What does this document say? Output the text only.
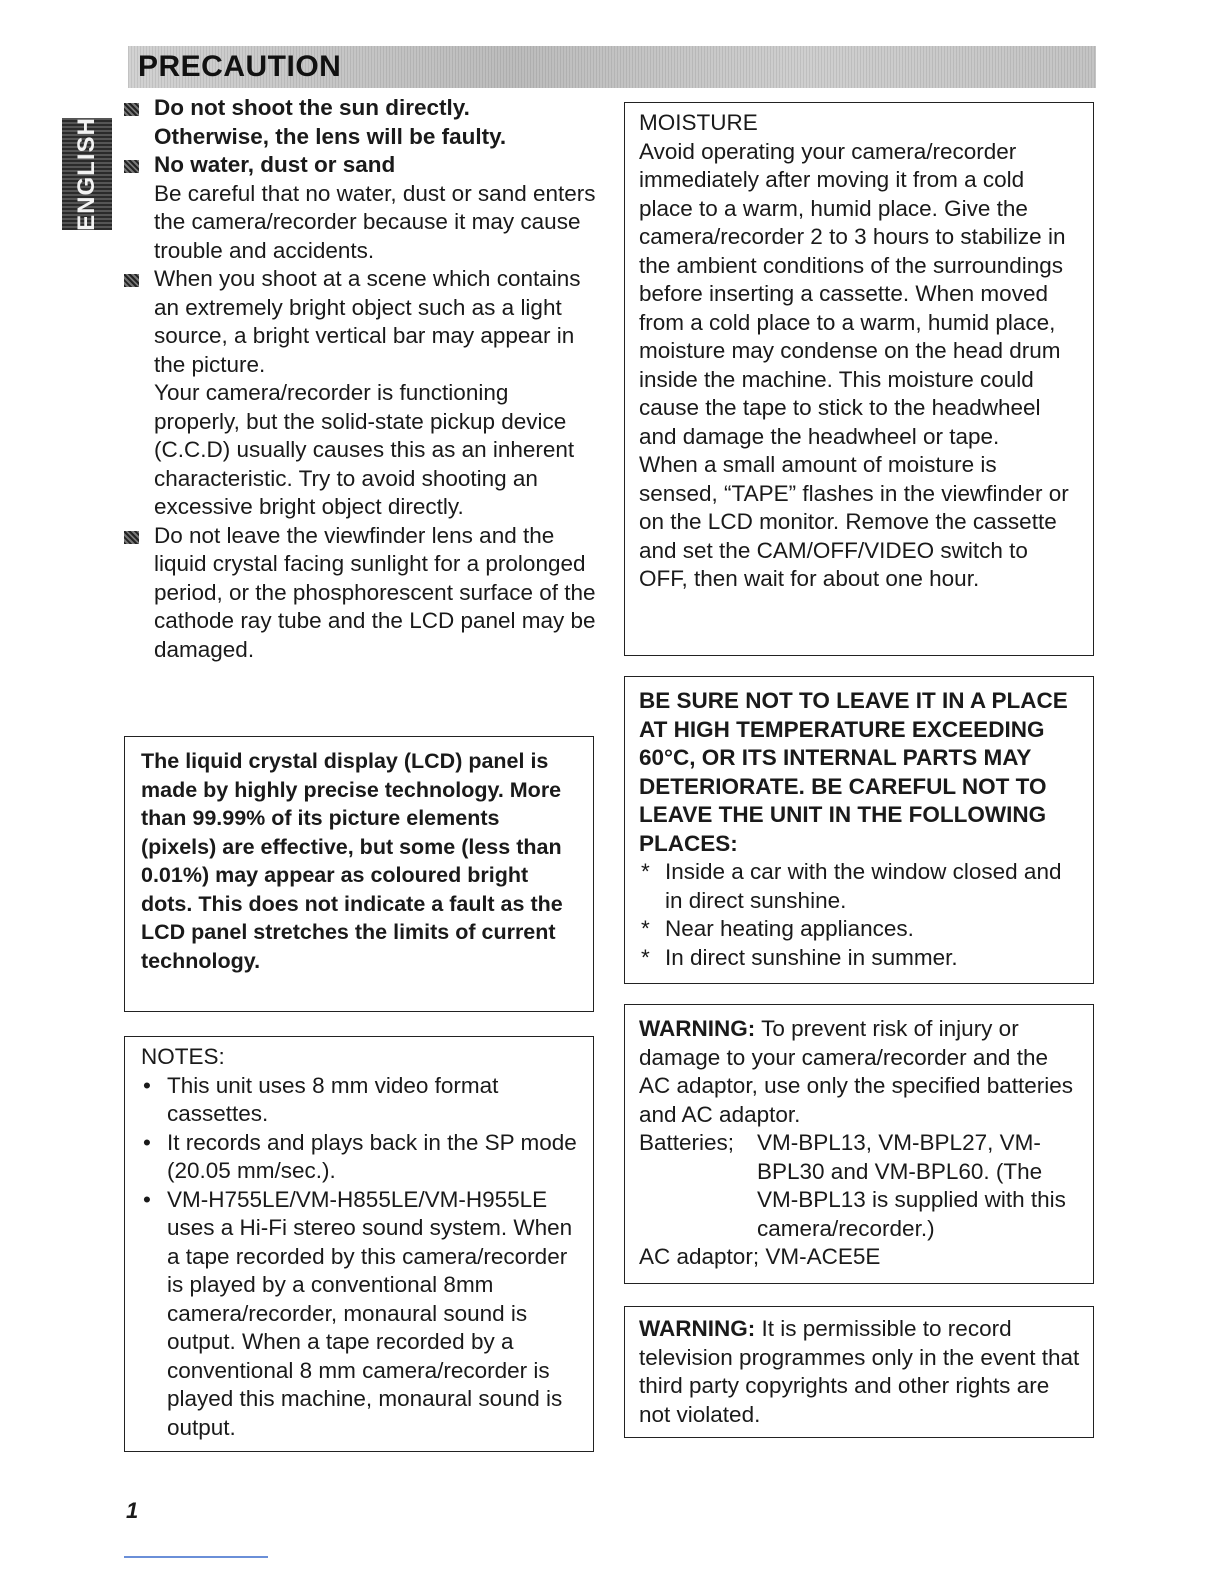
PRECAUTION
ENGLISH

Do not shoot the sun directly.

Otherwise, the lens will be faulty.

No water, dust or sand

Be careful that no water, dust or sand enters the camera/recorder because it may cause trouble and accidents.

When you shoot at a scene which contains an extremely bright object such as a light source, a bright vertical bar may appear in the picture.

Your camera/recorder is functioning properly, but the solid-state pickup device (C.C.D) usually causes this as an inherent characteristic. Try to avoid shooting an excessive bright object directly.

Do not leave the viewfinder lens and the liquid crystal facing sunlight for a prolonged period, or the phosphorescent surface of the cathode ray tube and the LCD panel may be damaged.

The liquid crystal display (LCD) panel is made by highly precise technology. More than 99.99% of its picture elements (pixels) are effective, but some (less than 0.01%) may appear as coloured bright dots. This does not indicate a fault as the LCD panel stretches the limits of current technology.

NOTES:

• This unit uses 8 mm video format cassettes.
• It records and plays back in the SP mode (20.05 mm/sec.).
• VM-H755LE/VM-H855LE/VM-H955LE uses a Hi-Fi stereo sound system. When a tape recorded by this camera/recorder is played by a conventional 8mm camera/recorder, monaural sound is output. When a tape recorded by a conventional 8 mm camera/recorder is played this machine, monaural sound is output.

MOISTURE

Avoid operating your camera/recorder immediately after moving it from a cold place to a warm, humid place. Give the camera/recorder 2 to 3 hours to stabilize in the ambient conditions of the surroundings before inserting a cassette. When moved from a cold place to a warm, humid place, moisture may condense on the head drum inside the machine. This moisture could cause the tape to stick to the headwheel and damage the headwheel or tape.

When a small amount of moisture is sensed, “TAPE” flashes in the viewfinder or on the LCD monitor. Remove the cassette and set the CAM/OFF/VIDEO switch to OFF, then wait for about one hour.

BE SURE NOT TO LEAVE IT IN A PLACE AT HIGH TEMPERATURE EXCEEDING 60°C, OR ITS INTERNAL PARTS MAY DETERIORATE. BE CAREFUL NOT TO LEAVE THE UNIT IN THE FOLLOWING PLACES:

* Inside a car with the window closed and in direct sunshine.
* Near heating appliances.
* In direct sunshine in summer.

WARNING: To prevent risk of injury or damage to your camera/recorder and the AC adaptor, use only the specified batteries and AC adaptor.

Batteries;	VM-BPL13, VM-BPL27, VM-BPL30 and VM-BPL60. (The VM-BPL13 is supplied with this camera/recorder.)

AC adaptor; VM-ACE5E

WARNING: It is permissible to record television programmes only in the event that third party copyrights and other rights are not violated.

1
